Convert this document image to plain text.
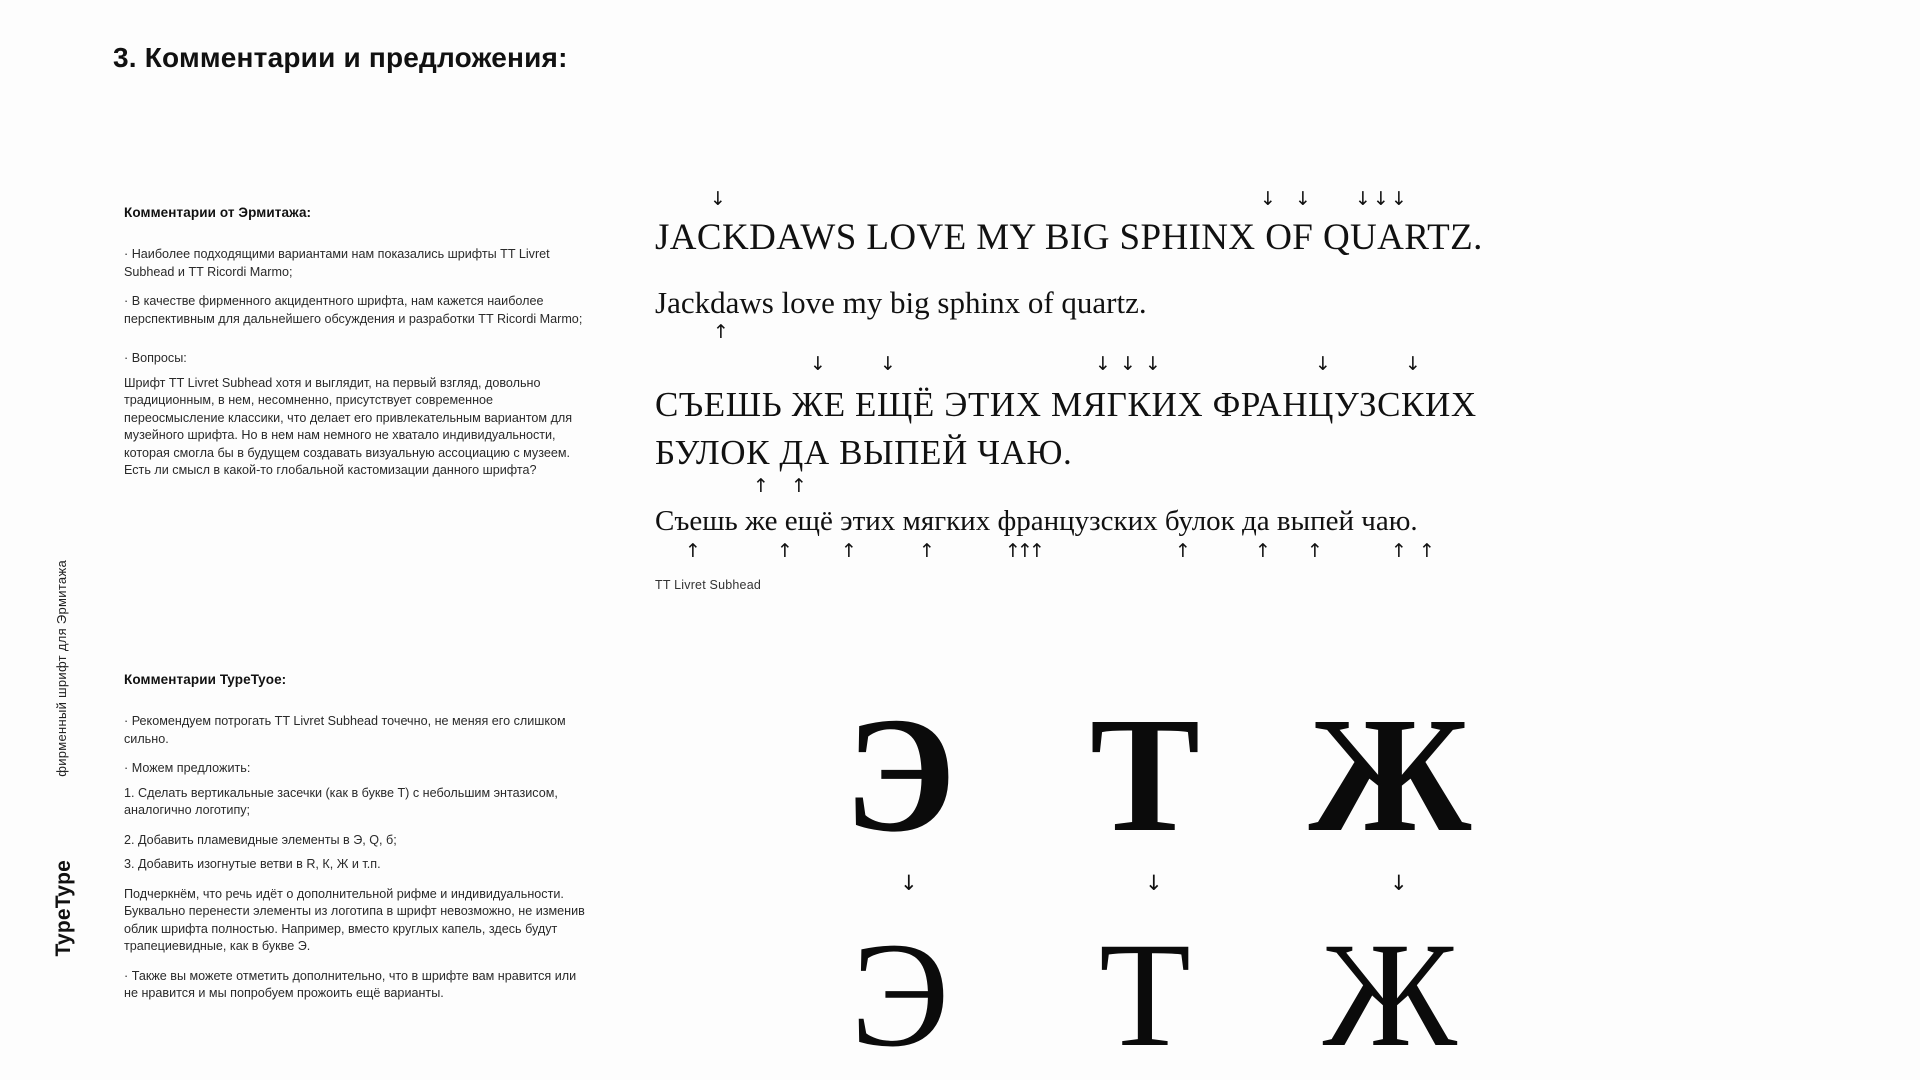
3. Комментарии и предложения:
фирменный шрифт для Эрмитажа
TypeType
Комментарии от Эрмитажа:
· Наиболее подходящими вариантами нам показались шрифты TT Livret Subhead и TT Ricordi Marmo;
· В качестве фирменного акцидентного шрифта, нам кажется наиболее перспективным для дальнейшего обсуждения и разработки TT Ricordi Marmo;
· Вопросы:
Шрифт TT Livret Subhead хотя и выглядит, на первый взгляд, довольно традиционным, в нем, несомненно, присутствует современное переосмысление классики, что делает его привлекательным вариантом для музейного шрифта. Но в нем нам немного не хватало индивидуальности, которая смогла бы в будущем создавать визуальную ассоциацию с музеем. Есть ли смысл в какой-то глобальной кастомизации данного шрифта?
Комментарии TypeTyoe:
· Рекомендуем потрогать TT Livret Subhead точечно, не меняя его слишком сильно.
· Можем предложить:
1. Сделать вертикальные засечки (как в букве Т) с небольшим энтазисом, аналогично логотипу;
2. Добавить пламевидные элементы в Э, Q, б;
3. Добавить изогнутые ветви в R, К, Ж и т.п.
Подчеркнём, что речь идёт о дополнительной рифме и индивидуальности. Буквально перенести элементы из логотипа в шрифт невозможно, не изменив облик шрифта полностью. Например, вместо круглых капель, здесь будут трапециевидные, как в букве Э.
· Также вы можете отметить дополнительно, что в шрифте вам нравится или не нравится и мы попробуем прожоить ещё варианты.
↓	↓ ↓ ↓ ↓ ↓
JACKDAWS LOVE MY BIG SPHINX OF QUARTZ.
Jackdaws love my big sphinx of quartz.
↑
↓	↓	↓ ↓ ↓	↓	↓
СЪЕШЬ ЖЕ ЕЩЁ ЭТИХ МЯГКИХ ФРАНЦУЗСКИХ
БУЛОК ДА ВЫПЕЙ ЧАЮ.
↑ ↑
Съешь же ещё этих мягких французских булок да выпей чаю.
↑	↑	↑	↑	↑
↑
↑	↑	↑ ↑	↑ ↑
TT Livret Subhead
Э Т Ж
↓	↓	↓
Э Т Ж
